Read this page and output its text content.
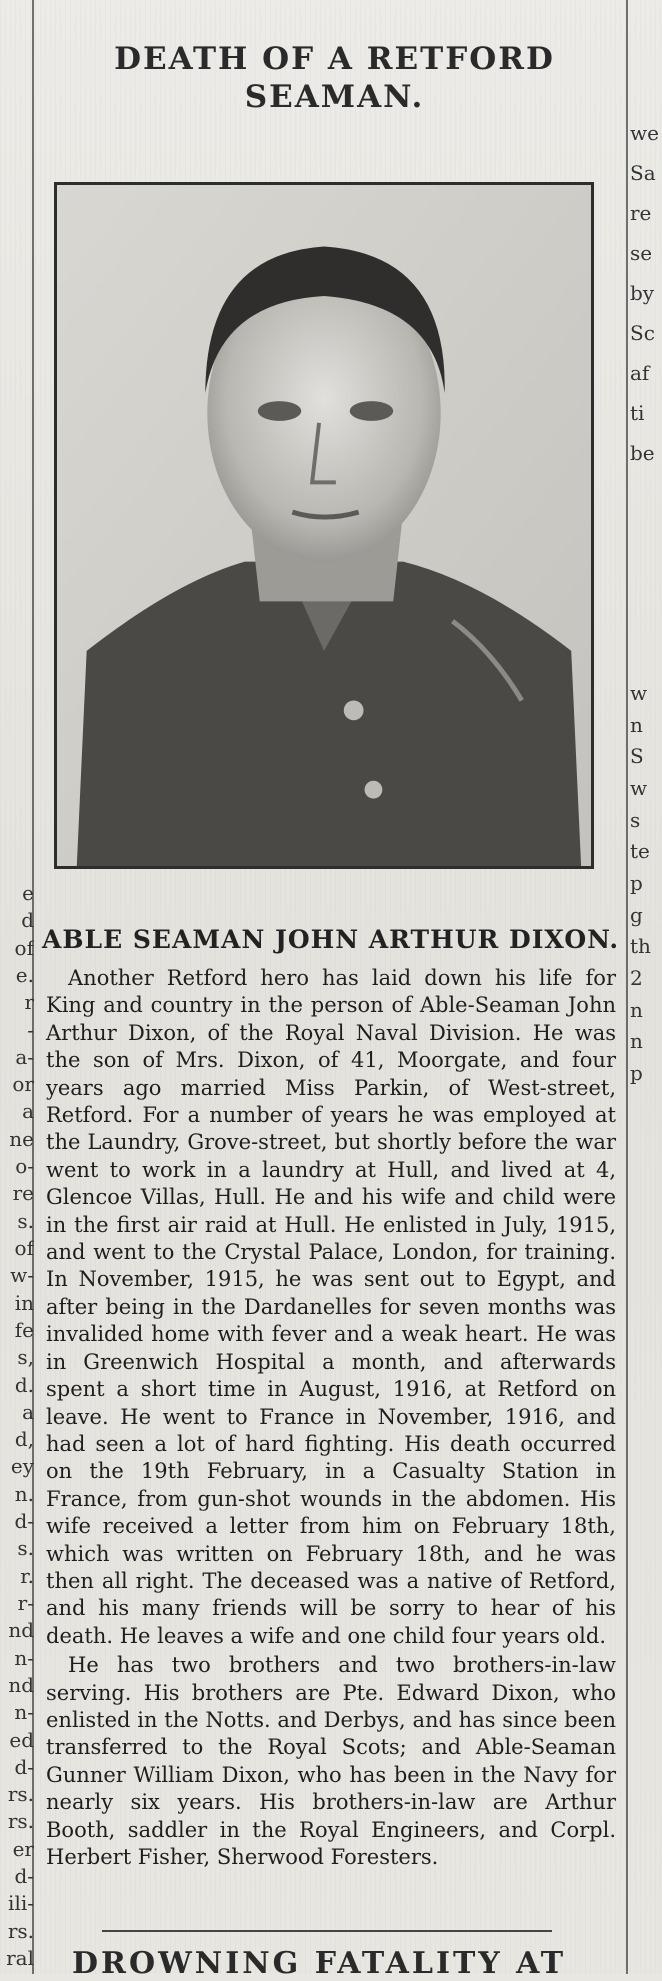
e
d
of
e.
r
-
a-
or
a
ne
o-
re
s.
of
w-
in
fe
s,
d.
a
d,
ey
n.
d-
s.
r.
r-
nd
n-
nd
n-
ed
d-
rs.
rs.
er
d-
ili-
rs.
ral
we
Sa
re
se
by
Sc
af
ti
be
w
n
S
w
s
te
p
g
th
2
n
n
p
DEATH OF A RETFORD
SEAMAN.
ABLE SEAMAN JOHN ARTHUR DIXON.

Another Retford hero has laid down his life for King and country in the person of Able-Seaman John Arthur Dixon, of the Royal Naval Division. He was the son of Mrs. Dixon, of 41, Moorgate, and four years ago married Miss Parkin, of West-street, Retford. For a number of years he was employed at the Laundry, Grove-street, but shortly before the war went to work in a laundry at Hull, and lived at 4, Glencoe Villas, Hull. He and his wife and child were in the first air raid at Hull. He enlisted in July, 1915, and went to the Crystal Palace, London, for training. In November, 1915, he was sent out to Egypt, and after being in the Dardanelles for seven months was invalided home with fever and a weak heart. He was in Greenwich Hospital a month, and afterwards spent a short time in August, 1916, at Retford on leave. He went to France in November, 1916, and had seen a lot of hard fighting. His death occurred on the 19th February, in a Casualty Station in France, from gun-shot wounds in the abdomen. His wife received a letter from him on February 18th, which was written on February 18th, and he was then all right. The deceased was a native of Retford, and his many friends will be sorry to hear of his death. He leaves a wife and one child four years old.

He has two brothers and two brothers-in-law serving. His brothers are Pte. Edward Dixon, who enlisted in the Notts. and Derbys, and has since been transferred to the Royal Scots; and Able-Seaman Gunner William Dixon, who has been in the Navy for nearly six years. His brothers-in-law are Arthur Booth, saddler in the Royal Engineers, and Corpl. Herbert Fisher, Sherwood Foresters.

DROWNING FATALITY AT
